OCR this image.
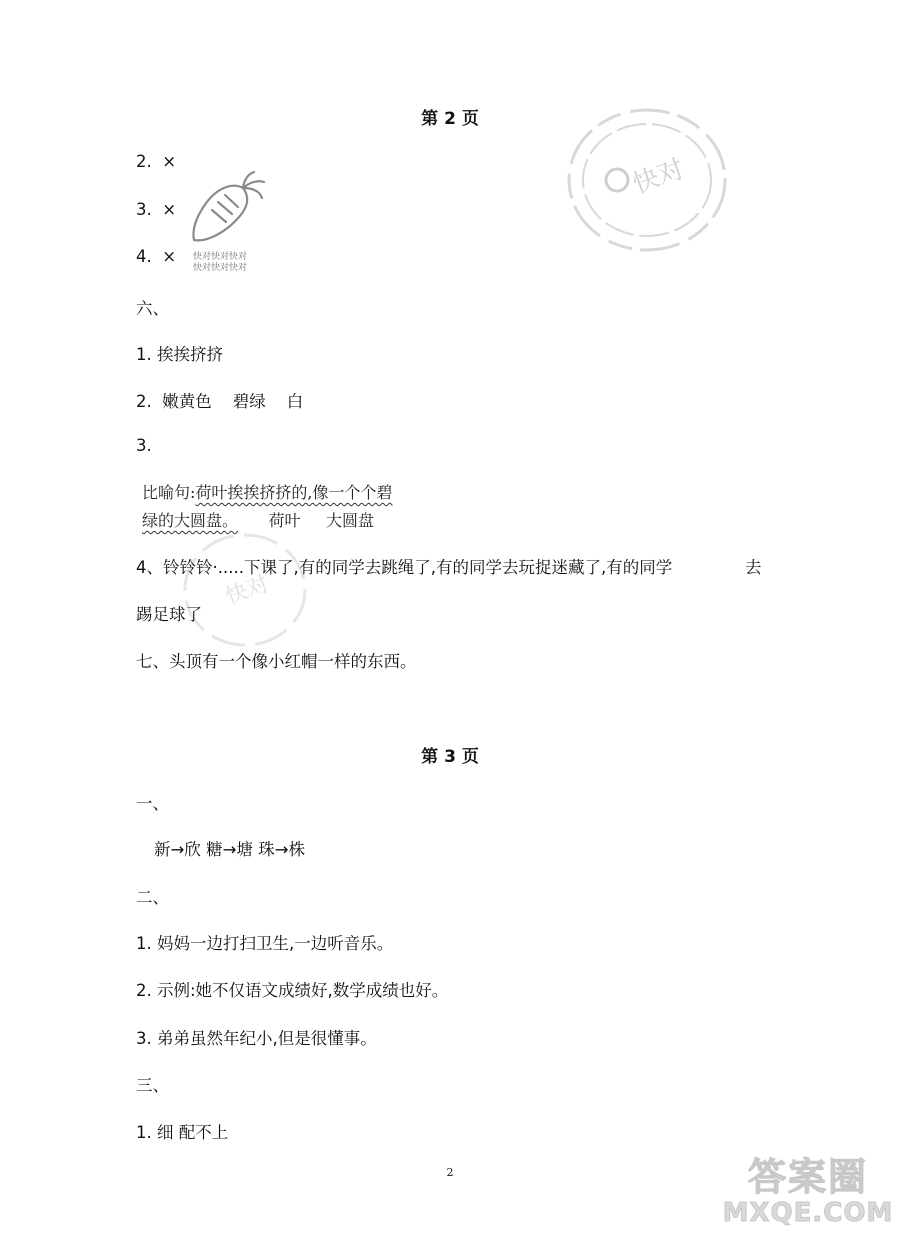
第 2 页
快对
2. ×
3. ×
4. × 快对快对快对
快对快对快对
六、
1. 挨挨挤挤
2. 嫩黄色 碧绿 白
3.
比喻句:荷叶挨挨挤挤的,像一个个碧
绿的大圆盘。 荷叶 大圆盘
快对
4、铃铃铃·.....下课了,有的同学去跳绳了,有的同学去玩捉迷藏了,有的同学	去
踢足球了
七、头顶有一个像小红帽一样的东西。
第 3 页
一、
新→欣 糖→塘 珠→株
二、
1. 妈妈一边打扫卫生,一边听音乐。
2. 示例:她不仅语文成绩好,数学成绩也好。
3. 弟弟虽然年纪小,但是很懂事。
三、
1. 细 配不上
2	答案圈
MXQE.COM
